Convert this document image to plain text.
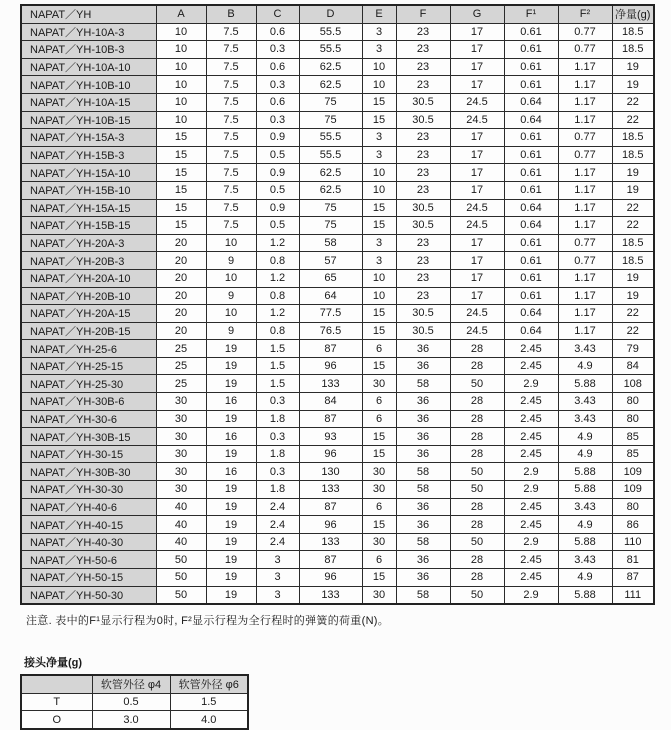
NAPAT／YH	A	B	C	D	E	F	G	F¹	F²	净量(g)
NAPAT／YH-10A-3	10	7.5	0.6	55.5	3	23	17	0.61	0.77	18.5
NAPAT／YH-10B-3	10	7.5	0.3	55.5	3	23	17	0.61	0.77	18.5
NAPAT／YH-10A-10	10	7.5	0.6	62.5	10	23	17	0.61	1.17	19
NAPAT／YH-10B-10	10	7.5	0.3	62.5	10	23	17	0.61	1.17	19
NAPAT／YH-10A-15	10	7.5	0.6	75	15	30.5	24.5	0.64	1.17	22
NAPAT／YH-10B-15	10	7.5	0.3	75	15	30.5	24.5	0.64	1.17	22
NAPAT／YH-15A-3	15	7.5	0.9	55.5	3	23	17	0.61	0.77	18.5
NAPAT／YH-15B-3	15	7.5	0.5	55.5	3	23	17	0.61	0.77	18.5
NAPAT／YH-15A-10	15	7.5	0.9	62.5	10	23	17	0.61	1.17	19
NAPAT／YH-15B-10	15	7.5	0.5	62.5	10	23	17	0.61	1.17	19
NAPAT／YH-15A-15	15	7.5	0.9	75	15	30.5	24.5	0.64	1.17	22
NAPAT／YH-15B-15	15	7.5	0.5	75	15	30.5	24.5	0.64	1.17	22
NAPAT／YH-20A-3	20	10	1.2	58	3	23	17	0.61	0.77	18.5
NAPAT／YH-20B-3	20	9	0.8	57	3	23	17	0.61	0.77	18.5
NAPAT／YH-20A-10	20	10	1.2	65	10	23	17	0.61	1.17	19
NAPAT／YH-20B-10	20	9	0.8	64	10	23	17	0.61	1.17	19
NAPAT／YH-20A-15	20	10	1.2	77.5	15	30.5	24.5	0.64	1.17	22
NAPAT／YH-20B-15	20	9	0.8	76.5	15	30.5	24.5	0.64	1.17	22
NAPAT／YH-25-6	25	19	1.5	87	6	36	28	2.45	3.43	79
NAPAT／YH-25-15	25	19	1.5	96	15	36	28	2.45	4.9	84
NAPAT／YH-25-30	25	19	1.5	133	30	58	50	2.9	5.88	108
NAPAT／YH-30B-6	30	16	0.3	84	6	36	28	2.45	3.43	80
NAPAT／YH-30-6	30	19	1.8	87	6	36	28	2.45	3.43	80
NAPAT／YH-30B-15	30	16	0.3	93	15	36	28	2.45	4.9	85
NAPAT／YH-30-15	30	19	1.8	96	15	36	28	2.45	4.9	85
NAPAT／YH-30B-30	30	16	0.3	130	30	58	50	2.9	5.88	109
NAPAT／YH-30-30	30	19	1.8	133	30	58	50	2.9	5.88	109
NAPAT／YH-40-6	40	19	2.4	87	6	36	28	2.45	3.43	80
NAPAT／YH-40-15	40	19	2.4	96	15	36	28	2.45	4.9	86
NAPAT／YH-40-30	40	19	2.4	133	30	58	50	2.9	5.88	110
NAPAT／YH-50-6	50	19	3	87	6	36	28	2.45	3.43	81
NAPAT／YH-50-15	50	19	3	96	15	36	28	2.45	4.9	87
NAPAT／YH-50-30	50	19	3	133	30	58	50	2.9	5.88	111
注意. 表中的F¹显示行程为0时, F²显示行程为全行程时的弹簧的荷重(N)。
接头净量(g)
	软管外径 φ4	软管外径 φ6
T	0.5	1.5
O	3.0	4.0
